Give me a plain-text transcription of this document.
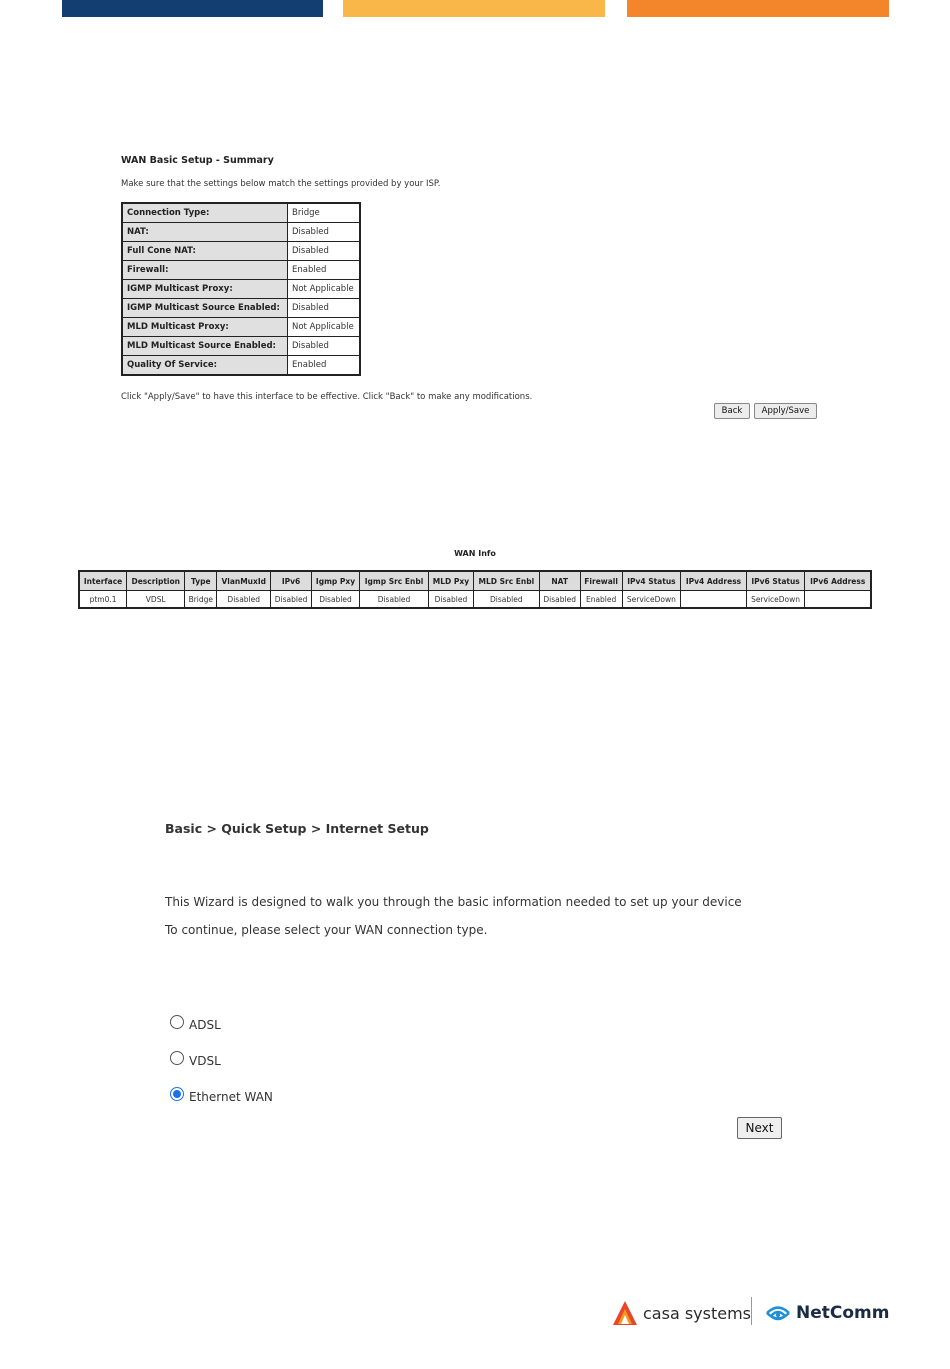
WAN Basic Setup - Summary
Make sure that the settings below match the settings provided by your ISP.
Connection Type:	Bridge
NAT:	Disabled
Full Cone NAT:	Disabled
Firewall:	Enabled
IGMP Multicast Proxy:	Not Applicable
IGMP Multicast Source Enabled:	Disabled
MLD Multicast Proxy:	Not Applicable
MLD Multicast Source Enabled:	Disabled
Quality Of Service:	Enabled
Click "Apply/Save" to have this interface to be effective. Click "Back" to make any modifications.
Back	Apply/Save
WAN Info
Interface	Description	Type	VlanMuxId	IPv6	Igmp Pxy	Igmp Src Enbl	MLD Pxy	MLD Src Enbl	NAT	Firewall	IPv4 Status	IPv4 Address	IPv6 Status	IPv6 Address
ptm0.1	VDSL	Bridge	Disabled	Disabled	Disabled	Disabled	Disabled	Disabled	Disabled	Enabled	ServiceDown		ServiceDown	
Basic > Quick Setup > Internet Setup
This Wizard is designed to walk you through the basic information needed to set up your device
To continue, please select your WAN connection type.
ADSL
VDSL
Ethernet WAN
Next
casa systems	NetComm
